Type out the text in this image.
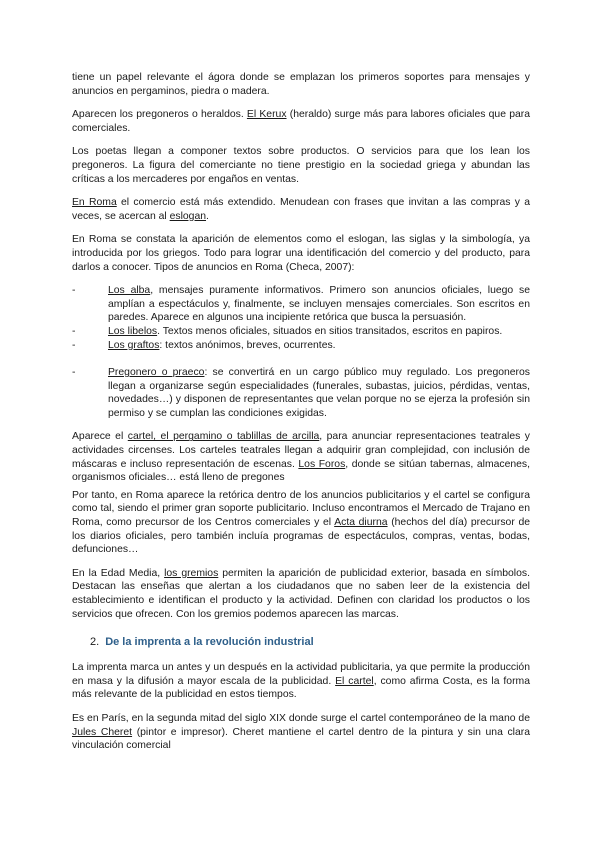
tiene un papel relevante el ágora donde se emplazan los primeros soportes para mensajes y anuncios en pergaminos, piedra o madera.

Aparecen los pregoneros o heraldos. El Kerux (heraldo) surge más para labores oficiales que para comerciales.

Los poetas llegan a componer textos sobre productos. O servicios para que los lean los pregoneros. La figura del comerciante no tiene prestigio en la sociedad griega y abundan las críticas a los mercaderes por engaños en ventas.

En Roma el comercio está más extendido. Menudean con frases que invitan a las compras y a veces, se acercan al eslogan.

En Roma se constata la aparición de elementos como el eslogan, las siglas y la simbología, ya introducida por los griegos. Todo para lograr una identificación del comercio y del producto, para darlos a conocer. Tipos de anuncios en Roma (Checa, 2007):

-	Los alba, mensajes puramente informativos. Primero son anuncios oficiales, luego se amplían a espectáculos y, finalmente, se incluyen mensajes comerciales. Son escritos en paredes. Aparece en algunos una incipiente retórica que busca la persuasión.
-	Los libelos. Textos menos oficiales, situados en sitios transitados, escritos en papiros.
-	Los graftos: textos anónimos, breves, ocurrentes.
-	Pregonero o praeco: se convertirá en un cargo público muy regulado. Los pregoneros llegan a organizarse según especialidades (funerales, subastas, juicios, pérdidas, ventas, novedades…) y disponen de representantes que velan porque no se ejerza la profesión sin permiso y se cumplan las condiciones exigidas.

Aparece el cartel, el pergamino o tablillas de arcilla, para anunciar representaciones teatrales y actividades circenses. Los carteles teatrales llegan a adquirir gran complejidad, con inclusión de máscaras e incluso representación de escenas. Los Foros, donde se sitúan tabernas, almacenes, organismos oficiales… está lleno de pregones

Por tanto, en Roma aparece la retórica dentro de los anuncios publicitarios y el cartel se configura como tal, siendo el primer gran soporte publicitario. Incluso encontramos el Mercado de Trajano en Roma, como precursor de los Centros comerciales y el Acta diurna (hechos del día) precursor de los diarios oficiales, pero también incluía programas de espectáculos, compras, ventas, bodas, defunciones…

En la Edad Media, los gremios permiten la aparición de publicidad exterior, basada en símbolos. Destacan las enseñas que alertan a los ciudadanos que no saben leer de la existencia del establecimiento e identifican el producto y la actividad. Definen con claridad los productos o los servicios que ofrecen. Con los gremios podemos aparecen las marcas.

2. De la imprenta a la revolución industrial

La imprenta marca un antes y un después en la actividad publicitaria, ya que permite la producción en masa y la difusión a mayor escala de la publicidad. El cartel, como afirma Costa, es la forma más relevante de la publicidad en estos tiempos.

Es en París, en la segunda mitad del siglo XIX donde surge el cartel contemporáneo de la mano de Jules Cheret (pintor e impresor). Cheret mantiene el cartel dentro de la pintura y sin una clara vinculación comercial
